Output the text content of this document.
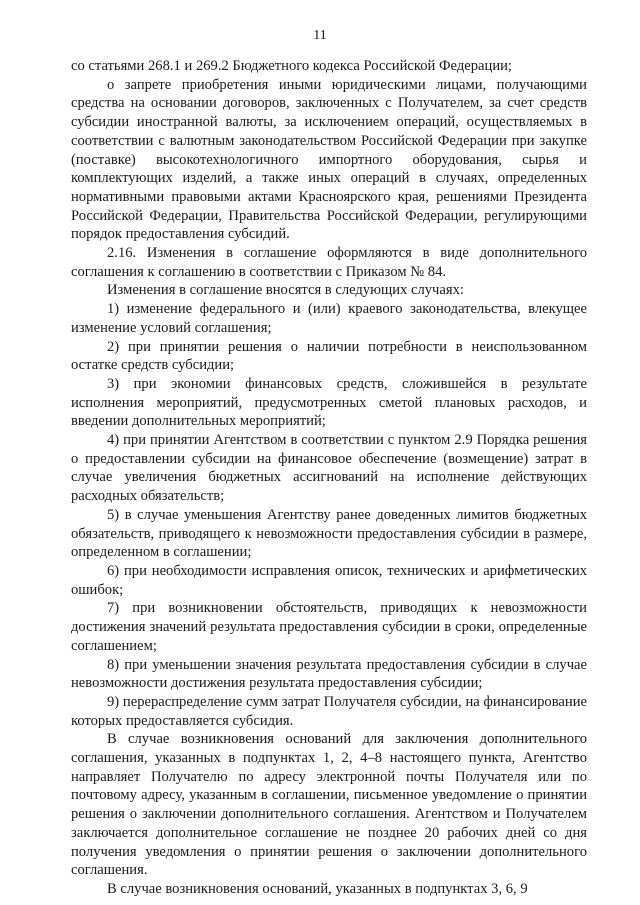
11

со статьями 268.1 и 269.2 Бюджетного кодекса Российской Федерации;

о запрете приобретения иными юридическими лицами, получающими средства на основании договоров, заключенных с Получателем, за счет средств субсидии иностранной валюты, за исключением операций, осуществляемых в соответствии с валютным законодательством Российской Федерации при закупке (поставке) высокотехнологичного импортного оборудования, сырья и комплектующих изделий, а также иных операций в случаях, определенных нормативными правовыми актами Красноярского края, решениями Президента Российской Федерации, Правительства Российской Федерации, регулирующими порядок предоставления субсидий.

2.16. Изменения в соглашение оформляются в виде дополнительного соглашения к соглашению в соответствии с Приказом № 84.

Изменения в соглашение вносятся в следующих случаях:

1) изменение федерального и (или) краевого законодательства, влекущее изменение условий соглашения;

2) при принятии решения о наличии потребности в неиспользованном остатке средств субсидии;

3) при экономии финансовых средств, сложившейся в результате исполнения мероприятий, предусмотренных сметой плановых расходов, и введении дополнительных мероприятий;

4) при принятии Агентством в соответствии с пунктом 2.9 Порядка решения о предоставлении субсидии на финансовое обеспечение (возмещение) затрат в случае увеличения бюджетных ассигнований на исполнение действующих расходных обязательств;

5) в случае уменьшения Агентству ранее доведенных лимитов бюджетных обязательств, приводящего к невозможности предоставления субсидии в размере, определенном в соглашении;

6) при необходимости исправления описок, технических и арифметических ошибок;

7) при возникновении обстоятельств, приводящих к невозможности достижения значений результата предоставления субсидии в сроки, определенные соглашением;

8) при уменьшении значения результата предоставления субсидии в случае невозможности достижения результата предоставления субсидии;

9) перераспределение сумм затрат Получателя субсидии, на финансирование которых предоставляется субсидия.

В случае возникновения оснований для заключения дополнительного соглашения, указанных в подпунктах 1, 2, 4–8 настоящего пункта, Агентство направляет Получателю по адресу электронной почты Получателя или по почтовому адресу, указанным в соглашении, письменное уведомление о принятии решения о заключении дополнительного соглашения. Агентством и Получателем заключается дополнительное соглашение не позднее 20 рабочих дней со дня получения уведомления о принятии решения о заключении дополнительного соглашения.

В случае возникновения оснований, указанных в подпунктах 3, 6, 9
